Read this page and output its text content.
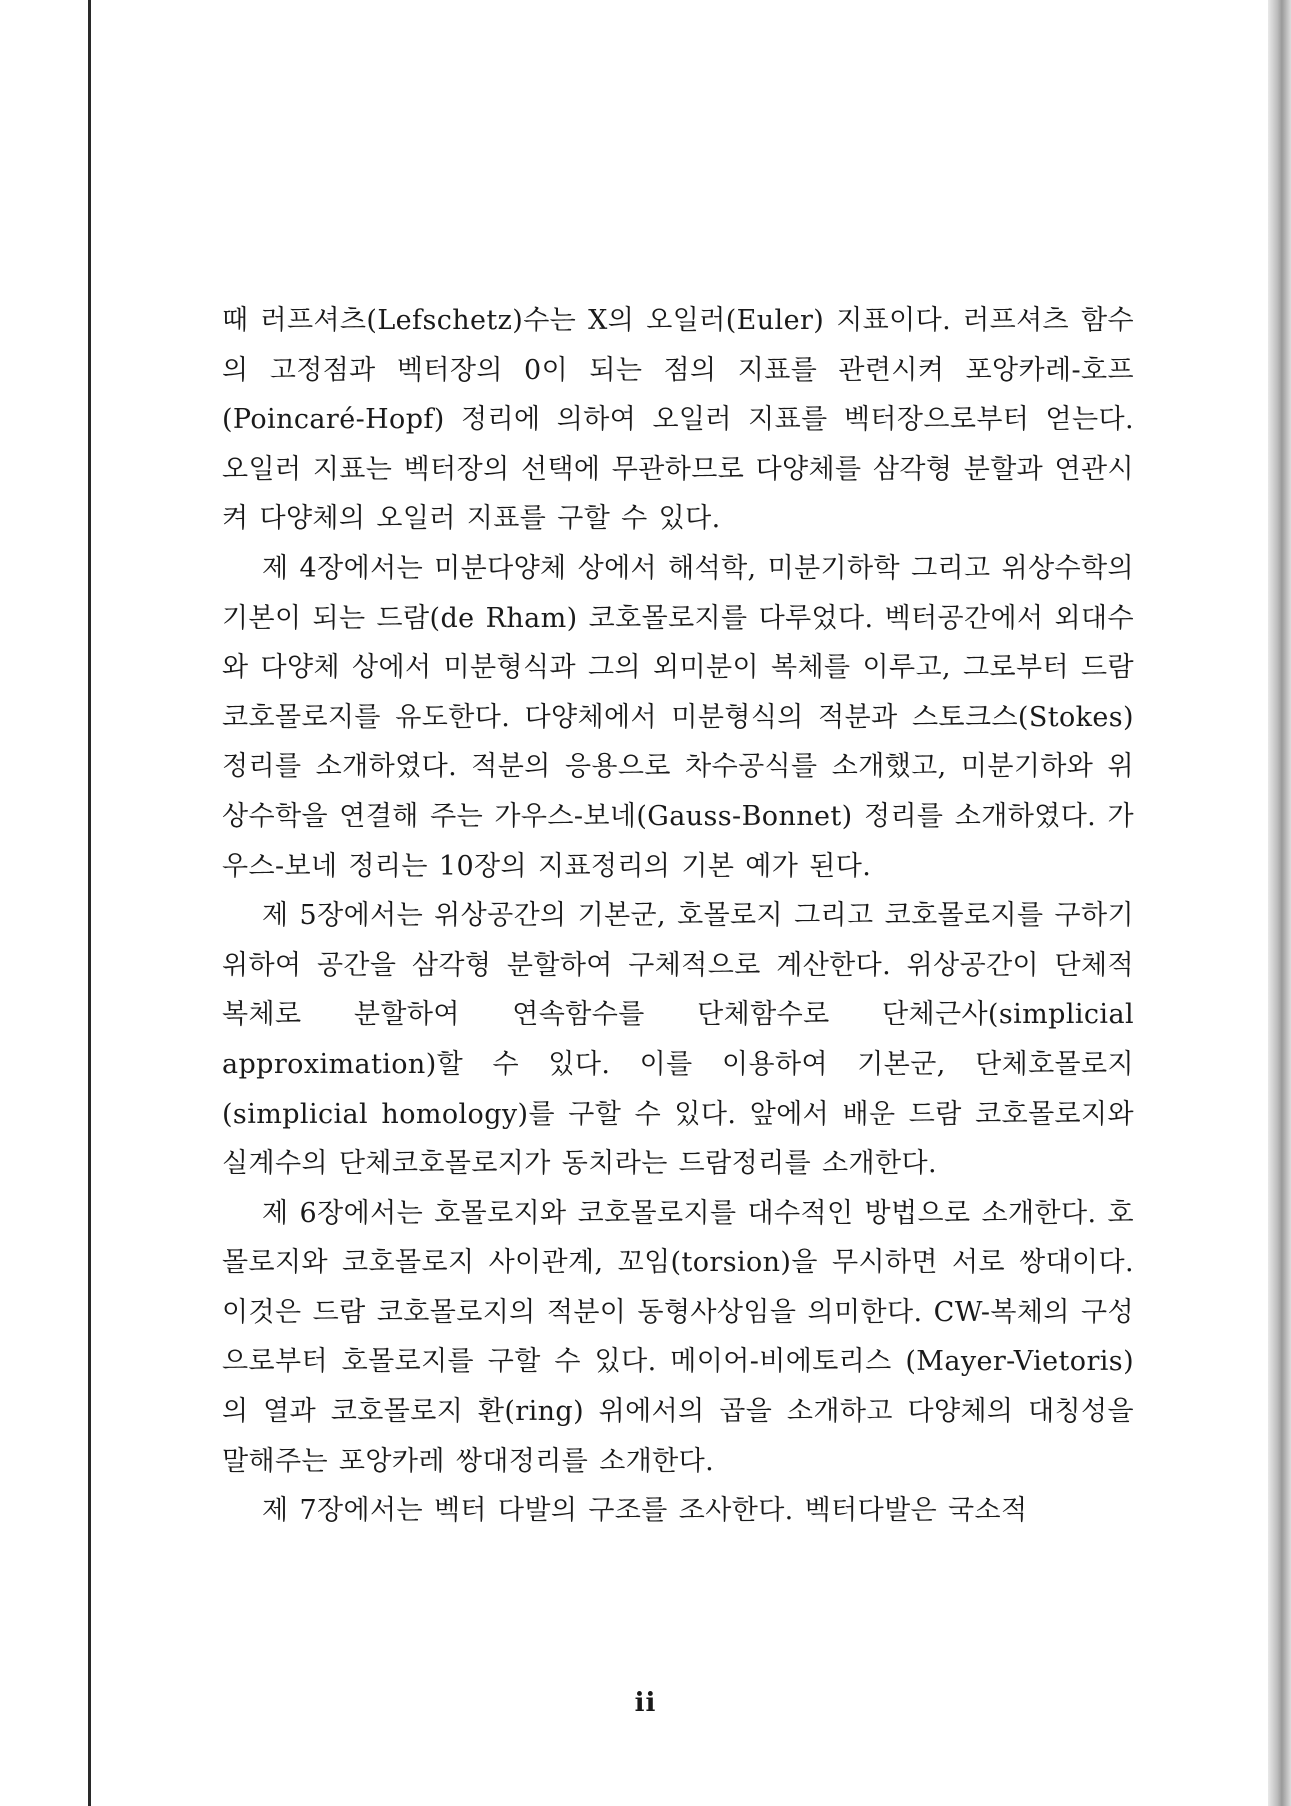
때 러프셔츠(Lefschetz)수는 X의 오일러(Euler) 지표이다. 러프셔츠 함수의 고정점과 벡터장의 0이 되는 점의 지표를 관련시켜 포앙카레-호프(Poincaré-Hopf) 정리에 의하여 오일러 지표를 벡터장으로부터 얻는다. 오일러 지표는 벡터장의 선택에 무관하므로 다양체를 삼각형 분할과 연관시켜 다양체의 오일러 지표를 구할 수 있다.

제 4장에서는 미분다양체 상에서 해석학, 미분기하학 그리고 위상수학의 기본이 되는 드람(de Rham) 코호몰로지를 다루었다. 벡터공간에서 외대수와 다양체 상에서 미분형식과 그의 외미분이 복체를 이루고, 그로부터 드람 코호몰로지를 유도한다. 다양체에서 미분형식의 적분과 스토크스(Stokes) 정리를 소개하였다. 적분의 응용으로 차수공식를 소개했고, 미분기하와 위상수학을 연결해 주는 가우스-보네(Gauss-Bonnet) 정리를 소개하였다. 가우스-보네 정리는 10장의 지표정리의 기본 예가 된다.

제 5장에서는 위상공간의 기본군, 호몰로지 그리고 코호몰로지를 구하기 위하여 공간을 삼각형 분할하여 구체적으로 계산한다. 위상공간이 단체적 복체로 분할하여 연속함수를 단체함수로 단체근사(simplicial approximation)할 수 있다. 이를 이용하여 기본군, 단체호몰로지(simplicial homology)를 구할 수 있다. 앞에서 배운 드람 코호몰로지와 실계수의 단체코호몰로지가 동치라는 드람정리를 소개한다.

제 6장에서는 호몰로지와 코호몰로지를 대수적인 방법으로 소개한다. 호몰로지와 코호몰로지 사이관계, 꼬임(torsion)을 무시하면 서로 쌍대이다. 이것은 드람 코호몰로지의 적분이 동형사상임을 의미한다. CW-복체의 구성으로부터 호몰로지를 구할 수 있다. 메이어-비에토리스 (Mayer-Vietoris)의 열과 코호몰로지 환(ring) 위에서의 곱을 소개하고 다양체의 대칭성을 말해주는 포앙카레 쌍대정리를 소개한다.

제 7장에서는 벡터 다발의 구조를 조사한다. 벡터다발은 국소적

ii
